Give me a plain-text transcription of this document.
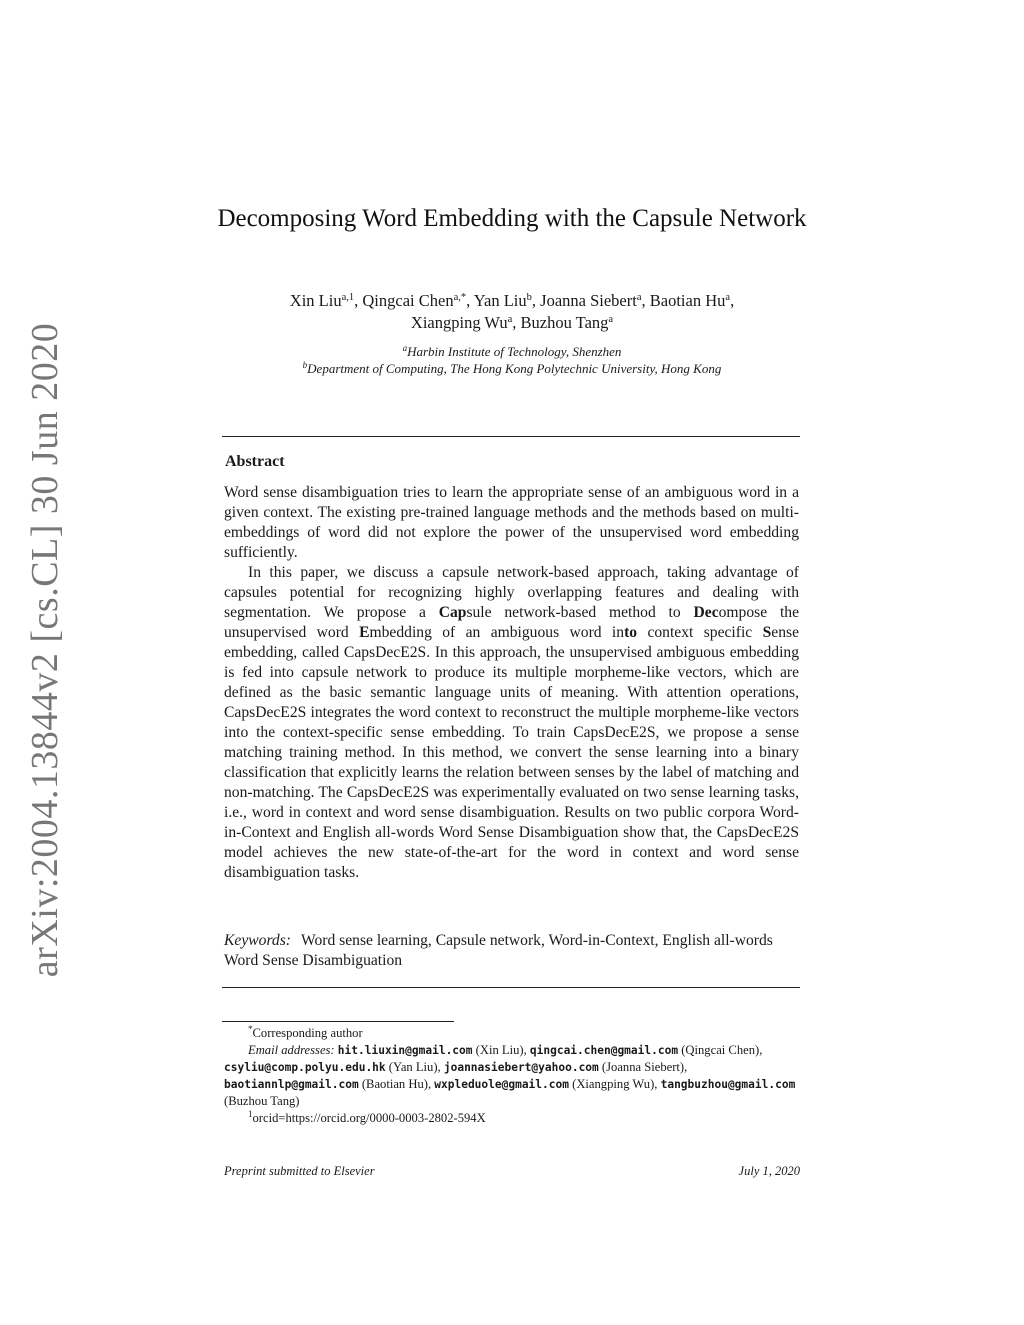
arXiv:2004.13844v2 [cs.CL] 30 Jun 2020
Decomposing Word Embedding with the Capsule Network
Xin Liu$^{a,1}$, Qingcai Chen$^{a,*}$, Yan Liu$^b$, Joanna Siebert$^a$, Baotian Hu$^a$,
Xiangping Wu$^a$, Buzhou Tang$^a$
$^a$Harbin Institute of Technology, Shenzhen
$^b$Department of Computing, The Hong Kong Polytechnic University, Hong Kong
Abstract

Word sense disambiguation tries to learn the appropriate sense of an ambiguous word in a given context. The existing pre-trained language methods and the methods based on multi-embeddings of word did not explore the power of the unsupervised word embedding sufficiently.

In this paper, we discuss a capsule network-based approach, taking advantage of capsules potential for recognizing highly overlapping features and dealing with segmentation. We propose a Capsule network-based method to Decompose the unsupervised word Embedding of an ambiguous word into context specific Sense embedding, called CapsDecE2S. In this approach, the unsupervised ambiguous embedding is fed into capsule network to produce its multiple morpheme-like vectors, which are defined as the basic semantic language units of meaning. With attention operations, CapsDecE2S integrates the word context to reconstruct the multiple morpheme-like vectors into the context-specific sense embedding. To train CapsDecE2S, we propose a sense matching training method. In this method, we convert the sense learning into a binary classification that explicitly learns the relation between senses by the label of matching and non-matching. The CapsDecE2S was experimentally evaluated on two sense learning tasks, i.e., word in context and word sense disambiguation. Results on two public corpora Word-in-Context and English all-words Word Sense Disambiguation show that, the CapsDecE2S model achieves the new state-of-the-art for the word in context and word sense disambiguation tasks.

Keywords: Word sense learning, Capsule network, Word-in-Context, English all-words Word Sense Disambiguation

*Corresponding author

Email addresses: hit.liuxin@gmail.com (Xin Liu), qingcai.chen@gmail.com (Qingcai Chen), csyliu@comp.polyu.edu.hk (Yan Liu), joannasiebert@yahoo.com (Joanna Siebert), baotiannlp@gmail.com (Baotian Hu), wxpleduole@gmail.com (Xiangping Wu), tangbuzhou@gmail.com (Buzhou Tang)

$^1$orcid=https://orcid.org/0000-0003-2802-594X

Preprint submitted to Elsevier	July 1, 2020
